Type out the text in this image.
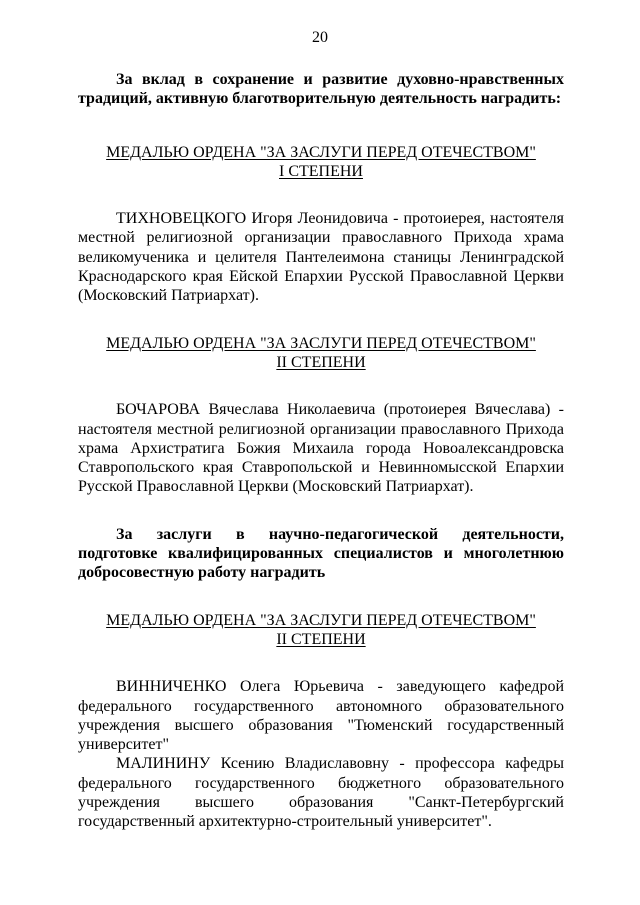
20

За вклад в сохранение и развитие духовно-нравственных традиций, активную благотворительную деятельность наградить:

МЕДАЛЬЮ ОРДЕНА "ЗА ЗАСЛУГИ ПЕРЕД ОТЕЧЕСТВОМ"
I СТЕПЕНИ

ТИХНОВЕЦКОГО Игоря Леонидовича - протоиерея, настоятеля местной религиозной организации православного Прихода храма великомученика и целителя Пантелеимона станицы Ленинградской Краснодарского края Ейской Епархии Русской Православной Церкви (Московский Патриархат).

МЕДАЛЬЮ ОРДЕНА "ЗА ЗАСЛУГИ ПЕРЕД ОТЕЧЕСТВОМ"
II СТЕПЕНИ

БОЧАРОВА Вячеслава Николаевича (протоиерея Вячеслава) - настоятеля местной религиозной организации православного Прихода храма Архистратига Божия Михаила города Новоалександровска Ставропольского края Ставропольской и Невинномысской Епархии Русской Православной Церкви (Московский Патриархат).

За заслуги в научно-педагогической деятельности, подготовке квалифицированных специалистов и многолетнюю добросовестную работу наградить

МЕДАЛЬЮ ОРДЕНА "ЗА ЗАСЛУГИ ПЕРЕД ОТЕЧЕСТВОМ"
II СТЕПЕНИ

ВИННИЧЕНКО Олега Юрьевича - заведующего кафедрой федерального государственного автономного образовательного учреждения высшего образования "Тюменский государственный университет"

МАЛИНИНУ Ксению Владиславовну - профессора кафедры федерального государственного бюджетного образовательного учреждения высшего образования "Санкт-Петербургский государственный архитектурно-строительный университет".
